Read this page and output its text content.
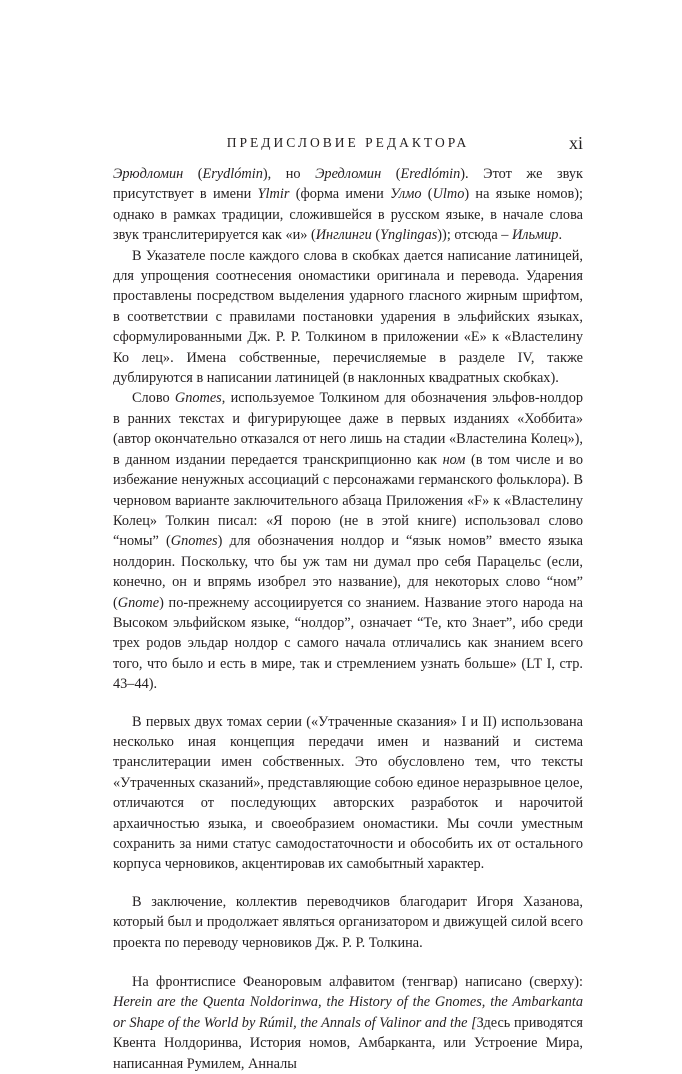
ПРЕДИСЛОВИЕ РЕДАКТОРА	xi

Эрюдломин (Erydlómin), но Эредломин (Eredlómin). Этот же звук присутствует в имени Ylmir (форма имени Улмо (Ulmo) на языке номов); однако в рамках традиции, сложившейся в русском языке, в начале слова звук транслитерируется как «и» (Инглинги (Ynglingas)); отсюда – Ильмир.

В Указателе после каждого слова в скобках дается написание латиницей, для упрощения соотнесения ономастики оригинала и перевода. Ударения проставлены посредством выделения ударного гласного жирным шрифтом, в соответствии с правилами постановки ударения в эльфийских языках, сформулированными Дж. Р. Р. Толкином в приложении «Е» к «Властелину Ко лец». Имена собственные, перечисляемые в разделе IV, также дублируются в написании латиницей (в наклонных квадратных скобках).

Слово Gnomes, используемое Толкином для обозначения эльфов-нолдор в ранних текстах и фигурирующее даже в первых изданиях «Хоббита» (автор окончательно отказался от него лишь на стадии «Властелина Колец»), в данном издании передается транскрипционно как ном (в том числе и во избежание ненужных ассоциаций с персонажами германского фольклора). В черновом варианте заключительного абзаца Приложения «F» к «Властелину Колец» Толкин писал: «Я порою (не в этой книге) использовал слово “номы” (Gnomes) для обозначения нолдор и “язык номов” вместо языка нолдорин. Поскольку, что бы уж там ни думал про себя Парацельс (если, конечно, он и впрямь изобрел это название), для некоторых слово “ном” (Gnome) по-прежнему ассоциируется со знанием. Название этого народа на Высоком эльфийском языке, “нолдор”, означает “Те, кто Знает”, ибо среди трех родов эльдар нолдор с самого начала отличались как знанием всего того, что было и есть в мире, так и стремлением узнать больше» (LT I, стр. 43–44).

В первых двух томах серии («Утраченные сказания» I и II) использована несколько иная концепция передачи имен и названий и система транслитерации имен собственных. Это обусловлено тем, что тексты «Утраченных сказаний», представляющие собою единое неразрывное целое, отличаются от последующих авторских разработок и нарочитой архаичностью языка, и своеобразием ономастики. Мы сочли уместным сохранить за ними статус самодостаточности и обособить их от остального корпуса черновиков, акцентировав их самобытный характер.

В заключение, коллектив переводчиков благодарит Игоря Хазанова, который был и продолжает являться организатором и движущей силой всего проекта по переводу черновиков Дж. Р. Р. Толкина.

На фронтисписе Феаноровым алфавитом (тенгвар) написано (сверху): Herein are the Quenta Noldorinwa, the History of the Gnomes, the Ambarkanta or Shape of the World by Rúmil, the Annals of Valinor and the [Здесь приводятся Квента Нолдоринва, История номов, Амбарканта, или Устроение Мира, написанная Румилем, Анналы
